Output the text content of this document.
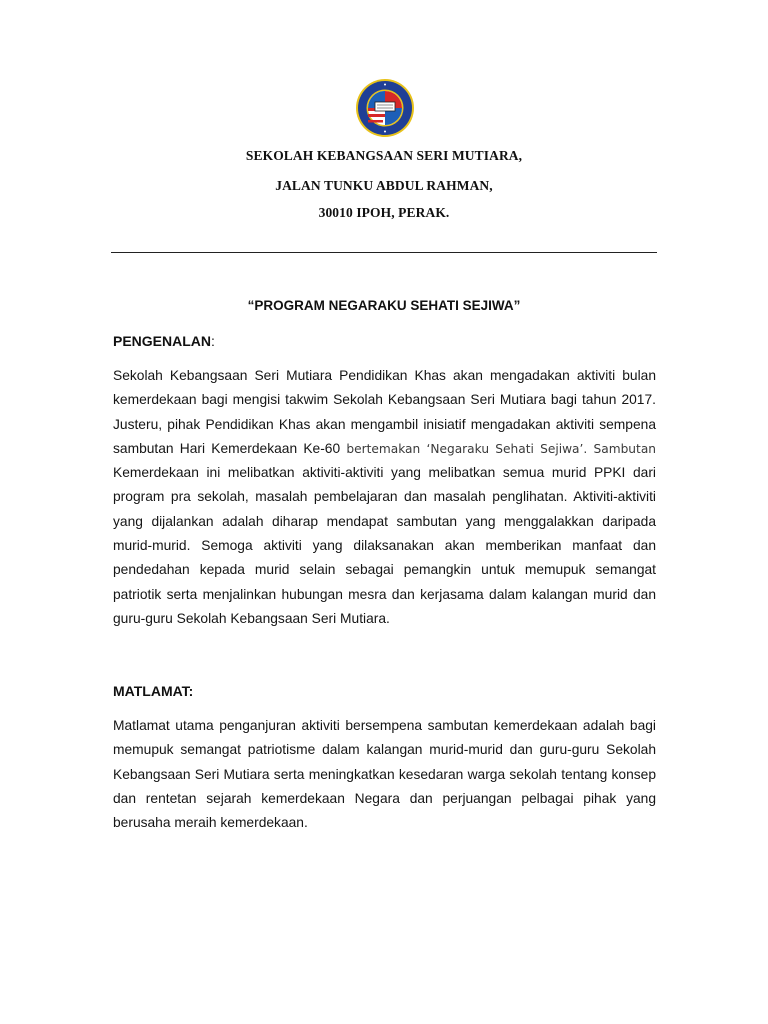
SEKOLAH KEBANGSAAN SERI MUTIARA,
JALAN TUNKU ABDUL RAHMAN,
30010 IPOH, PERAK.
“PROGRAM NEGARAKU SEHATI SEJIWA”
PENGENALAN:
Sekolah Kebangsaan Seri Mutiara Pendidikan Khas akan mengadakan aktiviti bulan kemerdekaan bagi mengisi takwim Sekolah Kebangsaan Seri Mutiara bagi tahun 2017. Justeru, pihak Pendidikan Khas akan mengambil inisiatif mengadakan aktiviti sempena sambutan Hari Kemerdekaan Ke-60 bertemakan ‘Negaraku Sehati Sejiwa’. Sambutan Kemerdekaan ini melibatkan aktiviti-aktiviti yang melibatkan semua murid PPKI dari program pra sekolah, masalah pembelajaran dan masalah penglihatan. Aktiviti-aktiviti yang dijalankan adalah diharap mendapat sambutan yang menggalakkan daripada murid-murid. Semoga aktiviti yang dilaksanakan akan memberikan manfaat dan pendedahan kepada murid selain sebagai pemangkin untuk memupuk semangat patriotik serta menjalinkan hubungan mesra dan kerjasama dalam kalangan murid dan guru-guru Sekolah Kebangsaan Seri Mutiara.
MATLAMAT:
Matlamat utama penganjuran aktiviti bersempena sambutan kemerdekaan adalah bagi memupuk semangat patriotisme dalam kalangan murid-murid dan guru-guru Sekolah Kebangsaan Seri Mutiara serta meningkatkan kesedaran warga sekolah tentang konsep dan rentetan sejarah kemerdekaan Negara dan perjuangan pelbagai pihak yang berusaha meraih kemerdekaan.
